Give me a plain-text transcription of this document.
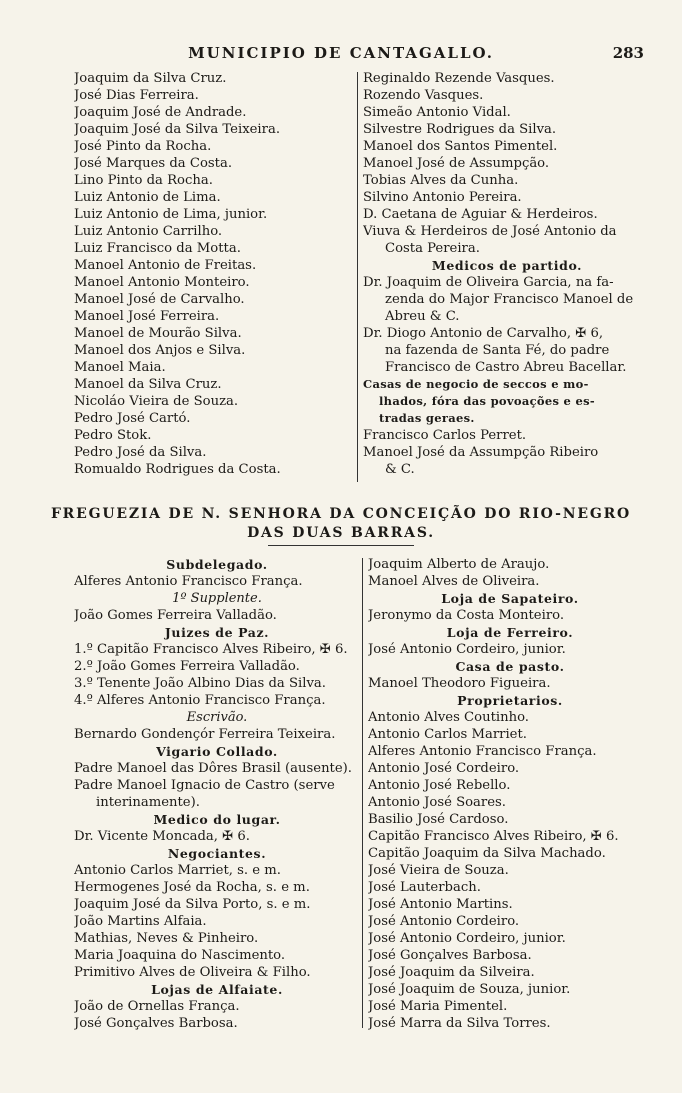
MUNICIPIO DE CANTAGALLO.	283
Joaquim da Silva Cruz.
José Dias Ferreira.
Joaquim José de Andrade.
Joaquim José da Silva Teixeira.
José Pinto da Rocha.
José Marques da Costa.
Lino Pinto da Rocha.
Luiz Antonio de Lima.
Luiz Antonio de Lima, junior.
Luiz Antonio Carrilho.
Luiz Francisco da Motta.
Manoel Antonio de Freitas.
Manoel Antonio Monteiro.
Manoel José de Carvalho.
Manoel José Ferreira.
Manoel de Mourão Silva.
Manoel dos Anjos e Silva.
Manoel Maia.
Manoel da Silva Cruz.
Nicoláo Vieira de Souza.
Pedro José Cartó.
Pedro Stok.
Pedro José da Silva.
Romualdo Rodrigues da Costa.
Reginaldo Rezende Vasques.
Rozendo Vasques.
Simeão Antonio Vidal.
Silvestre Rodrigues da Silva.
Manoel dos Santos Pimentel.
Manoel José de Assumpção.
Tobias Alves da Cunha.
Silvino Antonio Pereira.
D. Caetana de Aguiar & Herdeiros.
Viuva & Herdeiros de José Antonio da
Costa Pereira.
Medicos de partido.
Dr. Joaquim de Oliveira Garcia, na fa-
zenda do Major Francisco Manoel de
Abreu & C.
Dr. Diogo Antonio de Carvalho, ✠ 6,
na fazenda de Santa Fé, do padre
Francisco de Castro Abreu Bacellar.
Casas de negocio de seccos e mo-
lhados, fóra das povoações e es-
tradas geraes.
Francisco Carlos Perret.
Manoel José da Assumpção Ribeiro
& C.
FREGUEZIA DE N. SENHORA DA CONCEIÇÃO DO RIO-NEGRO
DAS DUAS BARRAS.
Subdelegado.
Alferes Antonio Francisco França.
1º Supplente.
João Gomes Ferreira Valladão.
Juizes de Paz.
1.º Capitão Francisco Alves Ribeiro, ✠ 6.
2.º João Gomes Ferreira Valladão.
3.º Tenente João Albino Dias da Silva.
4.º Alferes Antonio Francisco França.
Escrivão.
Bernardo Gondençór Ferreira Teixeira.
Vigario Collado.
Padre Manoel das Dôres Brasil (ausente).
Padre Manoel Ignacio de Castro (serve
interinamente).
Medico do lugar.
Dr. Vicente Moncada, ✠ 6.
Negociantes.
Antonio Carlos Marriet, s. e m.
Hermogenes José da Rocha, s. e m.
Joaquim José da Silva Porto, s. e m.
João Martins Alfaia.
Mathias, Neves & Pinheiro.
Maria Joaquina do Nascimento.
Primitivo Alves de Oliveira & Filho.
Lojas de Alfaiate.
João de Ornellas França.
José Gonçalves Barbosa.
Joaquim Alberto de Araujo.
Manoel Alves de Oliveira.
Loja de Sapateiro.
Jeronymo da Costa Monteiro.
Loja de Ferreiro.
José Antonio Cordeiro, junior.
Casa de pasto.
Manoel Theodoro Figueira.
Proprietarios.
Antonio Alves Coutinho.
Antonio Carlos Marriet.
Alferes Antonio Francisco França.
Antonio José Cordeiro.
Antonio José Rebello.
Antonio José Soares.
Basilio José Cardoso.
Capitão Francisco Alves Ribeiro, ✠ 6.
Capitão Joaquim da Silva Machado.
José Vieira de Souza.
José Lauterbach.
José Antonio Martins.
José Antonio Cordeiro.
José Antonio Cordeiro, junior.
José Gonçalves Barbosa.
José Joaquim da Silveira.
José Joaquim de Souza, junior.
José Maria Pimentel.
José Marra da Silva Torres.
